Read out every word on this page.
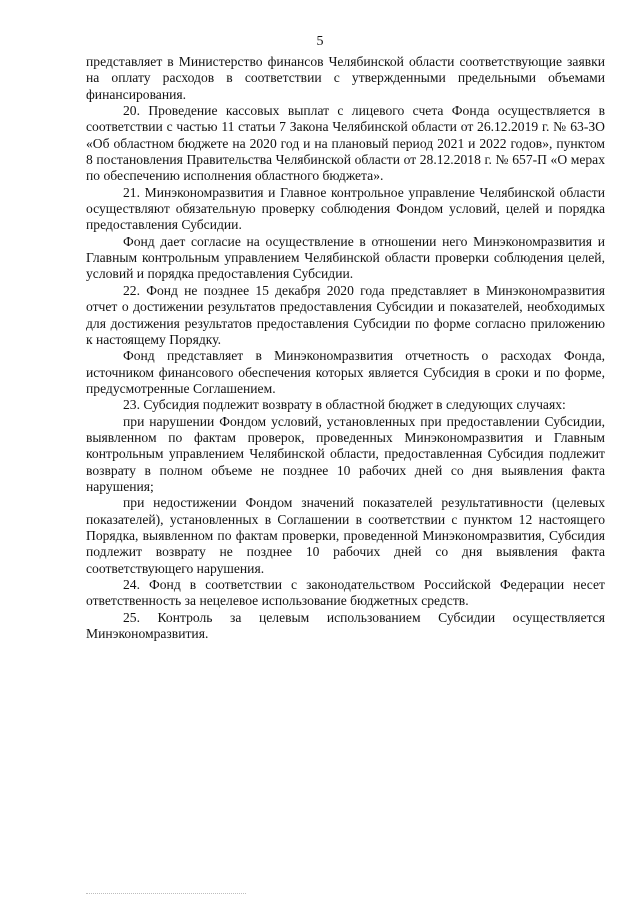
5

представляет в Министерство финансов Челябинской области соответствующие заявки на оплату расходов в соответствии с утвержденными предельными объемами финансирования.

20. Проведение кассовых выплат с лицевого счета Фонда осуществляется в соответствии с частью 11 статьи 7 Закона Челябинской области от 26.12.2019 г. № 63-ЗО «Об областном бюджете на 2020 год и на плановый период 2021 и 2022 годов», пунктом 8 постановления Правительства Челябинской области от 28.12.2018 г. № 657-П «О мерах по обеспечению исполнения областного бюджета».

21. Минэкономразвития и Главное контрольное управление Челябинской области осуществляют обязательную проверку соблюдения Фондом условий, целей и порядка предоставления Субсидии.

Фонд дает согласие на осуществление в отношении него Минэкономразвития и Главным контрольным управлением Челябинской области проверки соблюдения целей, условий и порядка предоставления Субсидии.

22. Фонд не позднее 15 декабря 2020 года представляет в Минэкономразвития отчет о достижении результатов предоставления Субсидии и показателей, необходимых для достижения результатов предоставления Субсидии по форме согласно приложению к настоящему Порядку.

Фонд представляет в Минэкономразвития отчетность о расходах Фонда, источником финансового обеспечения которых является Субсидия в сроки и по форме, предусмотренные Соглашением.

23. Субсидия подлежит возврату в областной бюджет в следующих случаях:

при нарушении Фондом условий, установленных при предоставлении Субсидии, выявленном по фактам проверок, проведенных Минэкономразвития и Главным контрольным управлением Челябинской области, предоставленная Субсидия подлежит возврату в полном объеме не позднее 10 рабочих дней со дня выявления факта нарушения;

при недостижении Фондом значений показателей результативности (целевых показателей), установленных в Соглашении в соответствии с пунктом 12 настоящего Порядка, выявленном по фактам проверки, проведенной Минэкономразвития, Субсидия подлежит возврату не позднее 10 рабочих дней со дня выявления факта соответствующего нарушения.

24. Фонд в соответствии с законодательством Российской Федерации несет ответственность за нецелевое использование бюджетных средств.

25. Контроль за целевым использованием Субсидии осуществляется Минэкономразвития.
